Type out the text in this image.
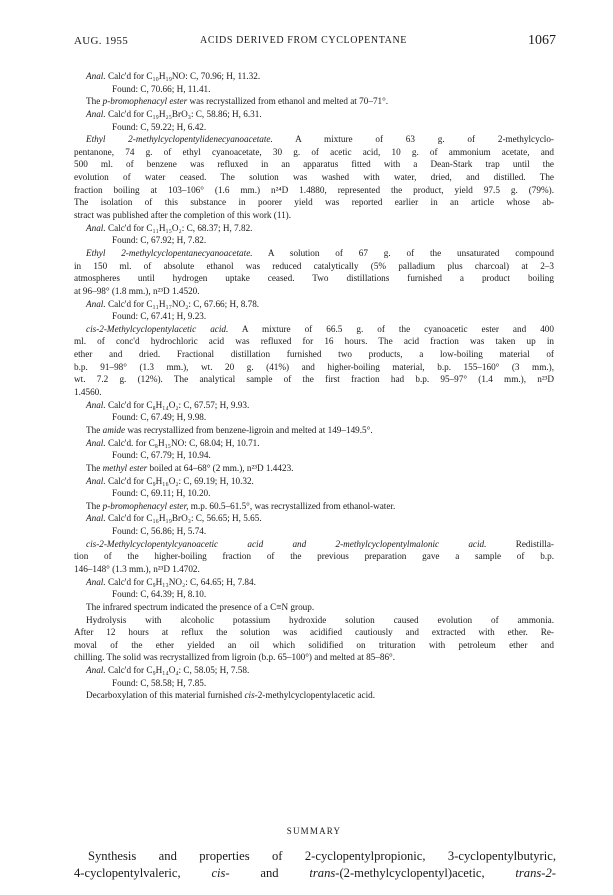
AUG. 1955	ACIDS DERIVED FROM CYCLOPENTANE	1067
Anal. Calc'd for C₁₀H₁₉NO: C, 70.96; H, 11.32.
Found: C, 70.66; H, 11.41.
The p-bromophenacyl ester was recrystallized from ethanol and melted at 70–71°.
Anal. Calc'd for C₁₉H₂₅BrO₃: C, 58.86; H, 6.31.
Found: C, 59.22; H, 6.42.
Ethyl 2-methylcyclopentylidenecyanoacetate. A mixture of 63 g. of 2-methylcyclo-
pentanone, 74 g. of ethyl cyanoacetate, 30 g. of acetic acid, 10 g. of ammonium acetate, and
500 ml. of benzene was refluxed in an apparatus fitted with a Dean-Stark trap until the
evolution of water ceased. The solution was washed with water, dried, and distilled. The
fraction boiling at 103–106° (1.6 mm.) n²⁴D 1.4880, represented the product, yield 97.5 g. (79%).
The isolation of this substance in poorer yield was reported earlier in an article whose ab-
stract was published after the completion of this work (11).
Anal. Calc'd for C₁₁H₁₅O₂: C, 68.37; H, 7.82.
Found: C, 67.92; H, 7.82.
Ethyl 2-methylcyclopentanecyanoacetate. A solution of 67 g. of the unsaturated compound
in 150 ml. of absolute ethanol was reduced catalytically (5% palladium plus charcoal) at 2–3
atmospheres until hydrogen uptake ceased. Two distillations furnished a product boiling
at 96–98° (1.8 mm.), n²³D 1.4520.
Anal. Calc'd for C₁₁H₁₇NO₂: C, 67.66; H, 8.78.
Found: C, 67.41; H, 9.23.
cis-2-Methylcyclopentylacetic acid. A mixture of 66.5 g. of the cyanoacetic ester and 400
ml. of conc'd hydrochloric acid was refluxed for 16 hours. The acid fraction was taken up in
ether and dried. Fractional distillation furnished two products, a low-boiling material of
b.p. 91–98° (1.3 mm.), wt. 20 g. (41%) and higher-boiling material, b.p. 155–160° (3 mm.),
wt. 7.2 g. (12%). The analytical sample of the first fraction had b.p. 95–97° (1.4 mm.), n²³D
1.4560.
Anal. Calc'd for C₈H₁₄O₂: C, 67.57; H, 9.93.
Found: C, 67.49; H, 9.98.
The amide was recrystallized from benzene-ligroin and melted at 149–149.5°.
Anal. Calc'd. for C₈H₁₅NO: C, 68.04; H, 10.71.
Found: C, 67.79; H, 10.94.
The methyl ester boiled at 64–68° (2 mm.), n²³D 1.4423.
Anal. Calc'd for C₉H₁₆O₂: C, 69.19; H, 10.32.
Found: C, 69.11; H, 10.20.
The p-bromophenacyl ester, m.p. 60.5–61.5°, was recrystallized from ethanol-water.
Anal. Calc'd for C₁₆H₁₉BrO₃: C, 56.65; H, 5.65.
Found: C, 56.86; H, 5.74.
cis-2-Methylcyclopentylcyanoacetic acid and 2-methylcyclopentylmalonic acid. Redistilla-
tion of the higher-boiling fraction of the previous preparation gave a sample of b.p.
146–148° (1.3 mm.), n²³D 1.4702.
Anal. Calc'd for C₉H₁₃NO₂: C, 64.65; H, 7.84.
Found: C, 64.39; H, 8.10.
The infrared spectrum indicated the presence of a C≡N group.
Hydrolysis with alcoholic potassium hydroxide solution caused evolution of ammonia.
After 12 hours at reflux the solution was acidified cautiously and extracted with ether. Re-
moval of the ether yielded an oil which solidified on trituration with petroleum ether and
chilling. The solid was recrystallized from ligroin (b.p. 65–100°) and melted at 85–86°.
Anal. Calc'd for C₉H₁₄O₄: C, 58.05; H, 7.58.
Found: C, 58.58; H, 7.85.
Decarboxylation of this material furnished cis-2-methylcyclopentylacetic acid.
SUMMARY
Synthesis and properties of 2-cyclopentylpropionic, 3-cyclopentylbutyric,
4-cyclopentylvaleric, cis- and trans-(2-methylcyclopentyl)acetic, trans-2-
